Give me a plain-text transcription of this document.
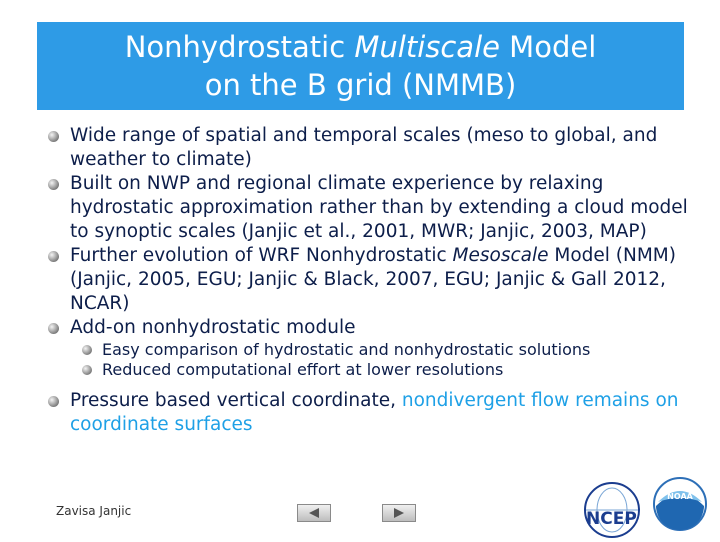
Nonhydrostatic Multiscale Model
on the B grid (NMMB)
Wide range of spatial and temporal scales (meso to global, and weather to climate)
Built on NWP and regional climate experience by relaxing hydrostatic approximation rather than by extending a cloud model to synoptic scales (Janjic et al., 2001, MWR; Janjic, 2003, MAP)
Further evolution of WRF Nonhydrostatic Mesoscale Model (NMM) (Janjic, 2005, EGU; Janjic & Black, 2007, EGU; Janjic & Gall 2012, NCAR)
Add-on nonhydrostatic module
Easy comparison of hydrostatic and nonhydrostatic solutions
Reduced computational effort at lower resolutions
Pressure based vertical coordinate, nondivergent flow remains on coordinate surfaces
Zavisa Janjic	NCEP
NOAA
